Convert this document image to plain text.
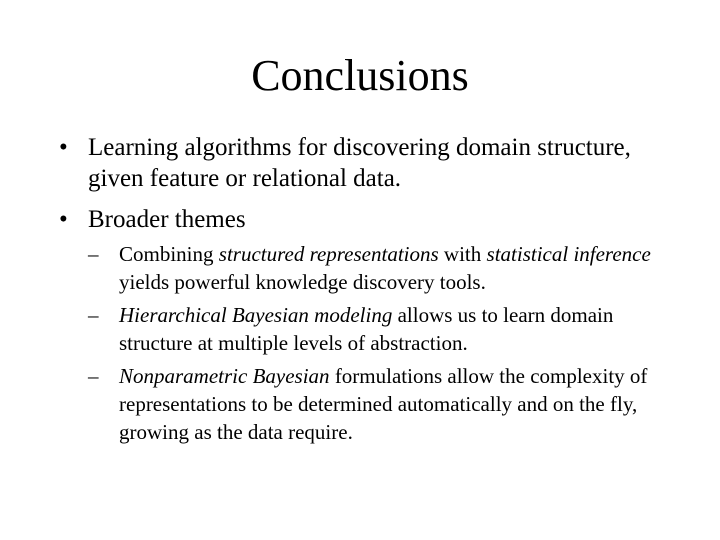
Conclusions
• Learning algorithms for discovering domain structure, given feature or relational data.
• Broader themes
– Combining structured representations with statistical inference yields powerful knowledge discovery tools.
– Hierarchical Bayesian modeling allows us to learn domain structure at multiple levels of abstraction.
– Nonparametric Bayesian formulations allow the complexity of representations to be determined automatically and on the fly, growing as the data require.
